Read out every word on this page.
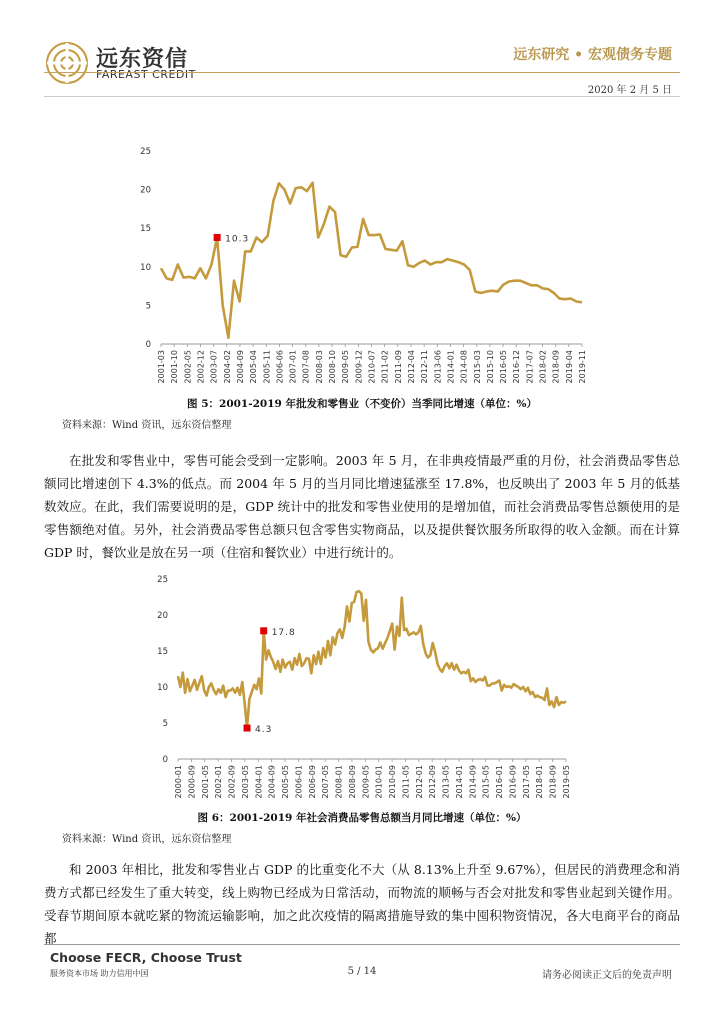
远东资信
FAREAST CREDIT
远东研究 • 宏观债务专题
2020 年 2 月 5 日
0
5
10
15
20
25
2001-03 2001-10 2002-05 2002-12 2003-07 2004-02 2004-09 2005-04 2005-11 2006-06 2007-01 2007-08 2008-03 2008-10 2009-05 2009-12 2010-07 2011-02 2011-09 2012-04 2012-11 2013-06 2014-01 2014-08 2015-03 2015-10 2016-05 2016-12 2017-07 2018-02 2018-09 2019-04 2019-11
10.3
图 5：2001-2019 年批发和零售业（不变价）当季同比增速（单位：%）
资料来源：Wind 资讯，远东资信整理

在批发和零售业中，零售可能会受到一定影响。2003 年 5 月，在非典疫情最严重的月份，社会消费品零售总额同比增速创下 4.3%的低点。而 2004 年 5 月的当月同比增速猛涨至 17.8%，也反映出了 2003 年 5 月的低基数效应。在此，我们需要说明的是，GDP 统计中的批发和零售业使用的是增加值，而社会消费品零售总额使用的是零售额绝对值。另外，社会消费品零售总额只包含零售实物商品，以及提供餐饮服务所取得的收入金额。而在计算 GDP 时，餐饮业是放在另一项（住宿和餐饮业）中进行统计的。

0
5
10
15
20
25
2000-01 2000-09 2001-05 2002-01 2002-09 2003-05 2004-01 2004-09 2005-05 2006-01 2006-09 2007-05 2008-01 2008-09 2009-05 2010-01 2010-09 2011-05 2012-01 2012-09 2013-05 2014-01 2014-09 2015-05 2016-01 2016-09 2017-05 2018-01 2018-09 2019-05
17.8
4.3
图 6：2001-2019 年社会消费品零售总额当月同比增速（单位：%）
资料来源：Wind 资讯，远东资信整理

和 2003 年相比，批发和零售业占 GDP 的比重变化不大（从 8.13%上升至 9.67%），但居民的消费理念和消费方式都已经发生了重大转变，线上购物已经成为日常活动，而物流的顺畅与否会对批发和零售业起到关键作用。受春节期间原本就吃紧的物流运输影响，加之此次疫情的隔离措施导致的集中囤积物资情况，各大电商平台的商品都

Choose FECR, Choose Trust
服务资本市场 助力信用中国	5 / 14	请务必阅读正文后的免责声明
